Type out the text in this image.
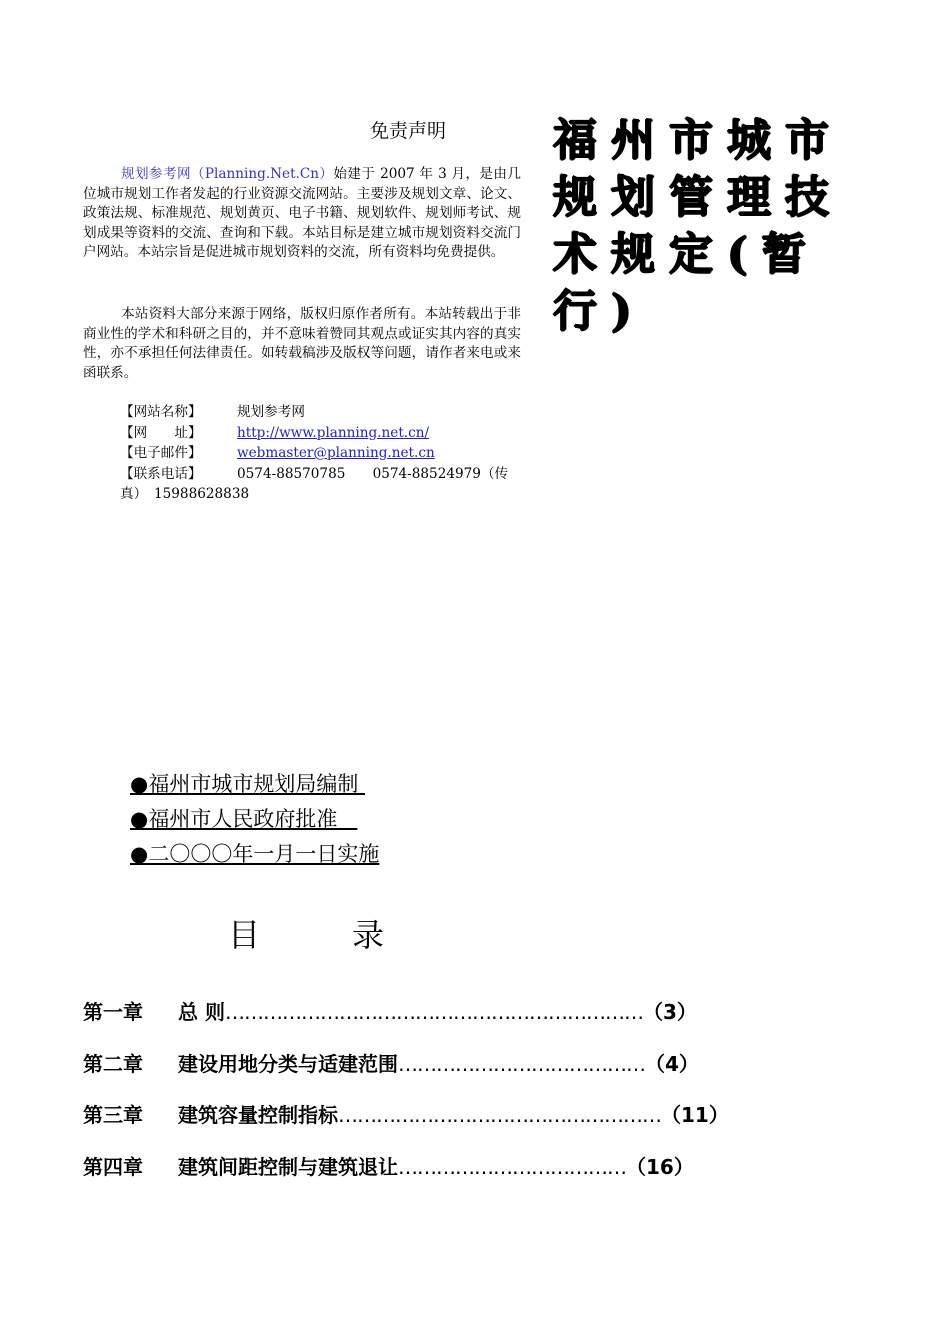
免责声明
规划参考网（Planning.Net.Cn）始建于 2007 年 3 月，是由几位城市规划工作者发起的行业资源交流网站。主要涉及规划文章、论文、政策法规、标准规范、规划黄页、电子书籍、规划软件、规划师考试、规划成果等资料的交流、查询和下载。本站目标是建立城市规划资料交流门户网站。本站宗旨是促进城市规划资料的交流，所有资料均免费提供。
本站资料大部分来源于网络，版权归原作者所有。本站转载出于非商业性的学术和科研之目的，并不意味着赞同其观点或证实其内容的真实性，亦不承担任何法律责任。如转载稿涉及版权等问题，请作者来电或来函联系。
【网站名称】	规划参考网
【网　　址】	http://www.planning.net.cn/
【电子邮件】	webmaster@planning.net.cn
【联系电话】	0574-88570785　　0574-88524979（传真）　15988628838
福州市城市
规划管理技
术规定(暂行)
●福州市城市规划局编制
●福州市人民政府批准
●二〇〇〇年一月一日实施
目	录
第一章	总 则 ………………………………………………………… （3）
第二章	建设用地分类与适建范围 ………………………………… （4）
第三章	建筑容量控制指标 …………………………………………… （11）
第四章	建筑间距控制与建筑退让 ……………………………… （16）
